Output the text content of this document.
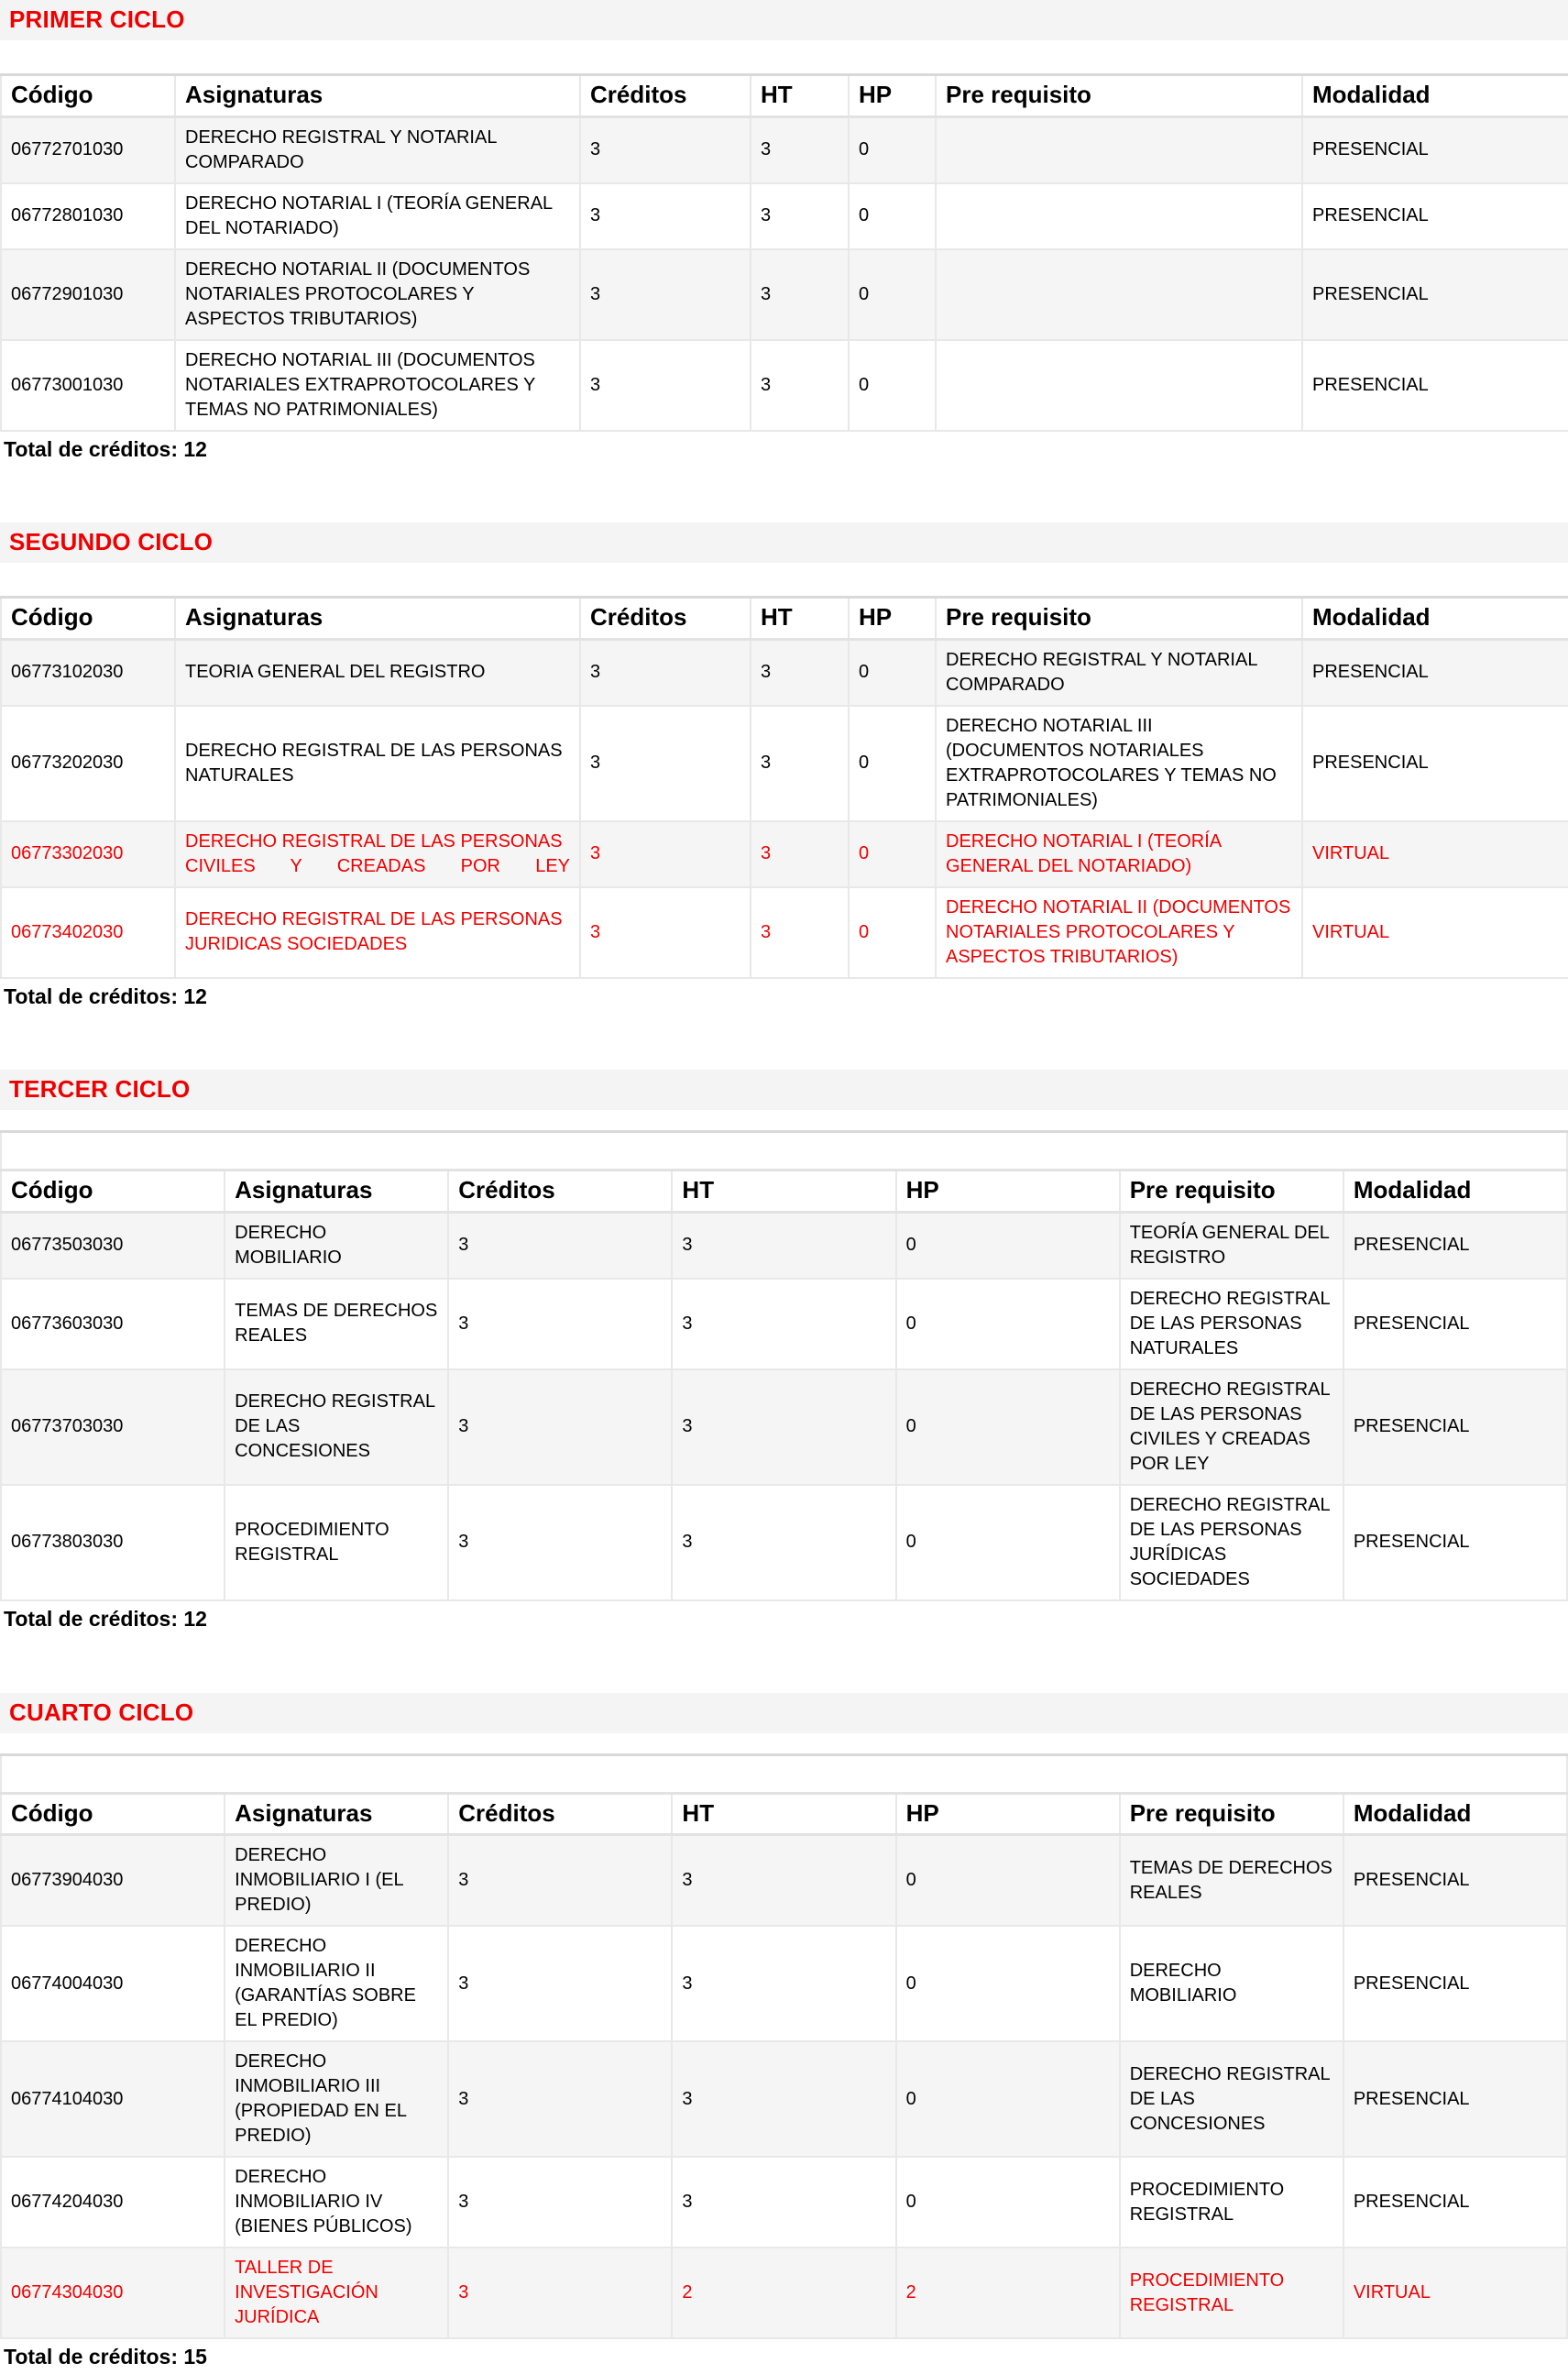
PRIMER CICLO
Código	Asignaturas	Créditos	HT	HP	Pre requisito	Modalidad
06772701030	DERECHO REGISTRAL Y NOTARIAL COMPARADO	3	3	0		PRESENCIAL
06772801030	DERECHO NOTARIAL I (TEORÍA GENERAL DEL NOTARIADO)	3	3	0		PRESENCIAL
06772901030	DERECHO NOTARIAL II (DOCUMENTOS NOTARIALES PROTOCOLARES Y ASPECTOS TRIBUTARIOS)	3	3	0		PRESENCIAL
06773001030	DERECHO NOTARIAL III (DOCUMENTOS NOTARIALES EXTRAPROTOCOLARES Y TEMAS NO PATRIMONIALES)	3	3	0		PRESENCIAL
Total de créditos: 12
SEGUNDO CICLO
Código	Asignaturas	Créditos	HT	HP	Pre requisito	Modalidad
06773102030	TEORIA GENERAL DEL REGISTRO	3	3	0	DERECHO REGISTRAL Y NOTARIAL COMPARADO	PRESENCIAL
06773202030	DERECHO REGISTRAL DE LAS PERSONAS NATURALES	3	3	0	DERECHO NOTARIAL III (DOCUMENTOS NOTARIALES EXTRAPROTOCOLARES Y TEMAS NO PATRIMONIALES)	PRESENCIAL
06773302030	DERECHO REGISTRAL DE LAS PERSONAS CIVILES Y CREADAS POR LEY	3	3	0	DERECHO NOTARIAL I (TEORÍA GENERAL DEL NOTARIADO)	VIRTUAL
06773402030	DERECHO REGISTRAL DE LAS PERSONAS JURIDICAS SOCIEDADES	3	3	0	DERECHO NOTARIAL II (DOCUMENTOS NOTARIALES PROTOCOLARES Y ASPECTOS TRIBUTARIOS)	VIRTUAL
Total de créditos: 12
TERCER CICLO

Código	Asignaturas	Créditos	HT	HP	Pre requisito	Modalidad
06773503030	DERECHO MOBILIARIO	3	3	0	TEORÍA GENERAL DEL REGISTRO	PRESENCIAL
06773603030	TEMAS DE DERECHOS REALES	3	3	0	DERECHO REGISTRAL DE LAS PERSONAS NATURALES	PRESENCIAL
06773703030	DERECHO REGISTRAL DE LAS CONCESIONES	3	3	0	DERECHO REGISTRAL DE LAS PERSONAS CIVILES Y CREADAS POR LEY	PRESENCIAL
06773803030	PROCEDIMIENTO REGISTRAL	3	3	0	DERECHO REGISTRAL DE LAS PERSONAS JURÍDICAS SOCIEDADES	PRESENCIAL
Total de créditos: 12
CUARTO CICLO

Código	Asignaturas	Créditos	HT	HP	Pre requisito	Modalidad
06773904030	DERECHO INMOBILIARIO I (EL PREDIO)	3	3	0	TEMAS DE DERECHOS REALES	PRESENCIAL
06774004030	DERECHO INMOBILIARIO II (GARANTÍAS SOBRE EL PREDIO)	3	3	0	DERECHO MOBILIARIO	PRESENCIAL
06774104030	DERECHO INMOBILIARIO III (PROPIEDAD EN EL PREDIO)	3	3	0	DERECHO REGISTRAL DE LAS CONCESIONES	PRESENCIAL
06774204030	DERECHO INMOBILIARIO IV (BIENES PÚBLICOS)	3	3	0	PROCEDIMIENTO REGISTRAL	PRESENCIAL
06774304030	TALLER DE INVESTIGACIÓN JURÍDICA	3	2	2	PROCEDIMIENTO REGISTRAL	VIRTUAL
Total de créditos: 15
